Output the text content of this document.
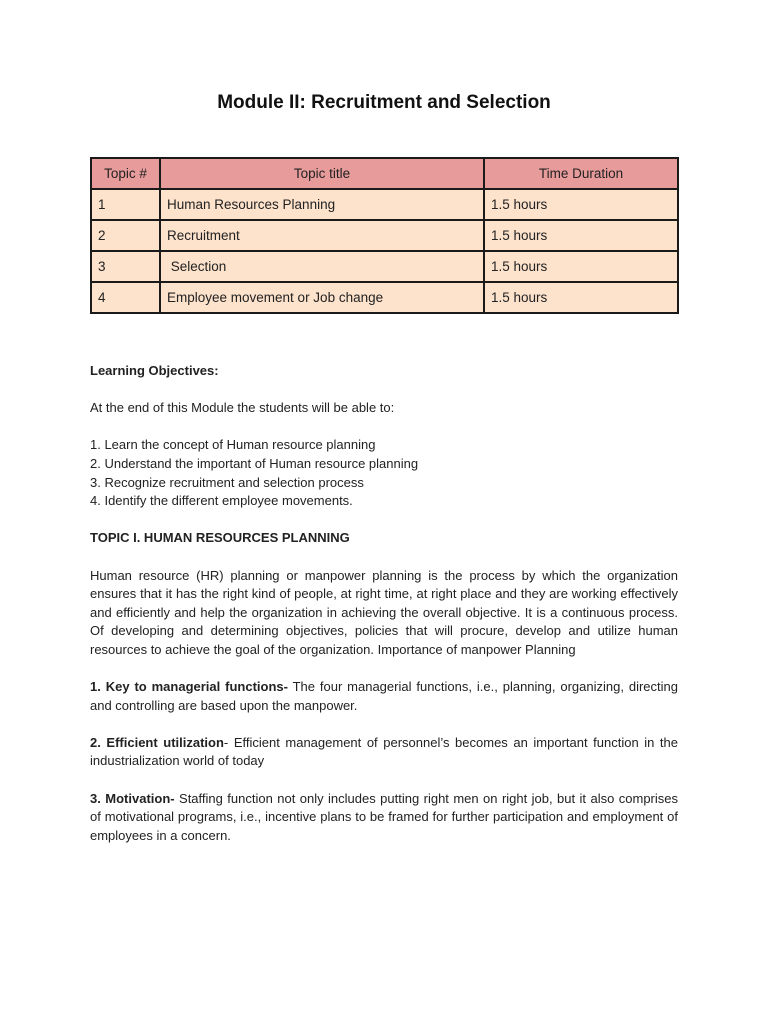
Module II: Recruitment and Selection
Topic #	Topic title	Time Duration
1	Human Resources Planning	1.5 hours
2	Recruitment	1.5 hours
3	Selection	1.5 hours
4	Employee movement or Job change	1.5 hours

Learning Objectives:

At the end of this Module the students will be able to:

1. Learn the concept of Human resource planning
2. Understand the important of Human resource planning
3. Recognize recruitment and selection process
4. Identify the different employee movements.

TOPIC I. HUMAN RESOURCES PLANNING

Human resource (HR) planning or manpower planning is the process by which the organization ensures that it has the right kind of people, at right time, at right place and they are working effectively and efficiently and help the organization in achieving the overall objective. It is a continuous process. Of developing and determining objectives, policies that will procure, develop and utilize human resources to achieve the goal of the organization. Importance of manpower Planning

1. Key to managerial functions- The four managerial functions, i.e., planning, organizing, directing and controlling are based upon the manpower.

2. Efficient utilization- Efficient management of personnel’s becomes an important function in the industrialization world of today

3. Motivation- Staffing function not only includes putting right men on right job, but it also comprises of motivational programs, i.e., incentive plans to be framed for further participation and employment of employees in a concern.
